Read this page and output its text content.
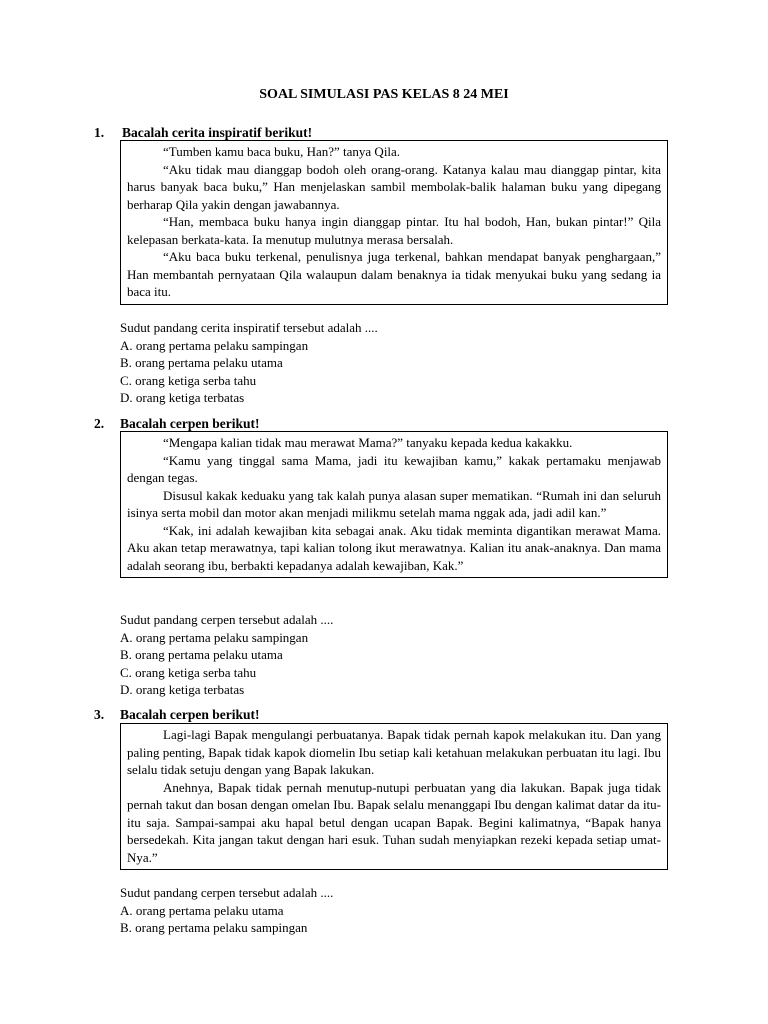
SOAL SIMULASI PAS KELAS 8 24 MEI
1. Bacalah cerita inspiratif berikut!

“Tumben kamu baca buku, Han?” tanya Qila.

“Aku tidak mau dianggap bodoh oleh orang-orang. Katanya kalau mau dianggap pintar, kita harus banyak baca buku,” Han menjelaskan sambil membolak-balik halaman buku yang dipegang berharap Qila yakin dengan jawabannya.

“Han, membaca buku hanya ingin dianggap pintar. Itu hal bodoh, Han, bukan pintar!” Qila kelepasan berkata-kata. Ia menutup mulutnya merasa bersalah.

“Aku baca buku terkenal, penulisnya juga terkenal, bahkan mendapat banyak penghargaan,” Han membantah pernyataan Qila walaupun dalam benaknya ia tidak menyukai buku yang sedang ia baca itu.

Sudut pandang cerita inspiratif tersebut adalah ....
A. orang pertama pelaku sampingan
B. orang pertama pelaku utama
C. orang ketiga serba tahu
D. orang ketiga terbatas
2. Bacalah cerpen berikut!

“Mengapa kalian tidak mau merawat Mama?” tanyaku kepada kedua kakakku.

“Kamu yang tinggal sama Mama, jadi itu kewajiban kamu,” kakak pertamaku menjawab dengan tegas.

Disusul kakak keduaku yang tak kalah punya alasan super mematikan. “Rumah ini dan seluruh isinya serta mobil dan motor akan menjadi milikmu setelah mama nggak ada, jadi adil kan.”

“Kak, ini adalah kewajiban kita sebagai anak. Aku tidak meminta digantikan merawat Mama. Aku akan tetap merawatnya, tapi kalian tolong ikut merawatnya. Kalian itu anak-anaknya. Dan mama adalah seorang ibu, berbakti kepadanya adalah kewajiban, Kak.”

Sudut pandang cerpen tersebut adalah ....
A. orang pertama pelaku sampingan
B. orang pertama pelaku utama
C. orang ketiga serba tahu
D. orang ketiga terbatas
3. Bacalah cerpen berikut!

Lagi-lagi Bapak mengulangi perbuatanya. Bapak tidak pernah kapok melakukan itu. Dan yang paling penting, Bapak tidak kapok diomelin Ibu setiap kali ketahuan melakukan perbuatan itu lagi. Ibu selalu tidak setuju dengan yang Bapak lakukan.

Anehnya, Bapak tidak pernah menutup-nutupi perbuatan yang dia lakukan. Bapak juga tidak pernah takut dan bosan dengan omelan Ibu. Bapak selalu menanggapi Ibu dengan kalimat datar da itu-itu saja. Sampai-sampai aku hapal betul dengan ucapan Bapak. Begini kalimatnya, “Bapak hanya bersedekah. Kita jangan takut dengan hari esuk. Tuhan sudah menyiapkan rezeki kepada setiap umat-Nya.”

Sudut pandang cerpen tersebut adalah ....
A. orang pertama pelaku utama
B. orang pertama pelaku sampingan
